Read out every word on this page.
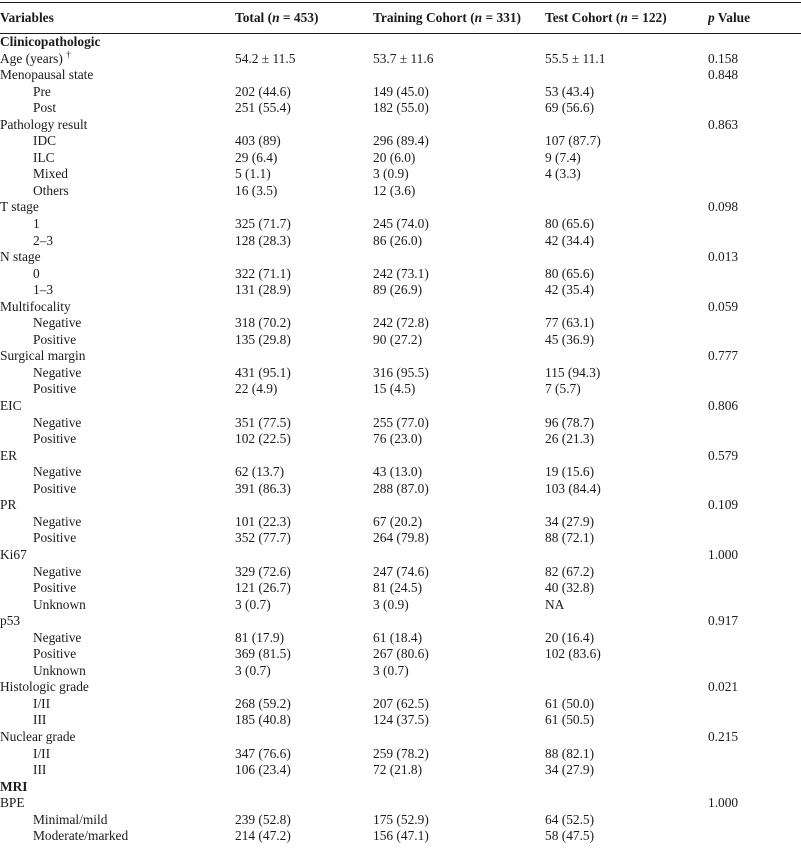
Variables	Total (n = 453)	Training Cohort (n = 331)	Test Cohort (n = 122)	p Value
Clinicopathologic				
Age (years) †	54.2 ± 11.5	53.7 ± 11.6	55.5 ± 11.1	0.158
Menopausal state				0.848
Pre	202 (44.6)	149 (45.0)	53 (43.4)	
Post	251 (55.4)	182 (55.0)	69 (56.6)	
Pathology result				0.863
IDC	403 (89)	296 (89.4)	107 (87.7)	
ILC	29 (6.4)	20 (6.0)	9 (7.4)	
Mixed	5 (1.1)	3 (0.9)	4 (3.3)	
Others	16 (3.5)	12 (3.6)		
T stage				0.098
1	325 (71.7)	245 (74.0)	80 (65.6)	
2–3	128 (28.3)	86 (26.0)	42 (34.4)	
N stage				0.013
0	322 (71.1)	242 (73.1)	80 (65.6)	
1–3	131 (28.9)	89 (26.9)	42 (35.4)	
Multifocality				0.059
Negative	318 (70.2)	242 (72.8)	77 (63.1)	
Positive	135 (29.8)	90 (27.2)	45 (36.9)	
Surgical margin				0.777
Negative	431 (95.1)	316 (95.5)	115 (94.3)	
Positive	22 (4.9)	15 (4.5)	7 (5.7)	
EIC				0.806
Negative	351 (77.5)	255 (77.0)	96 (78.7)	
Positive	102 (22.5)	76 (23.0)	26 (21.3)	
ER				0.579
Negative	62 (13.7)	43 (13.0)	19 (15.6)	
Positive	391 (86.3)	288 (87.0)	103 (84.4)	
PR				0.109
Negative	101 (22.3)	67 (20.2)	34 (27.9)	
Positive	352 (77.7)	264 (79.8)	88 (72.1)	
Ki67				1.000
Negative	329 (72.6)	247 (74.6)	82 (67.2)	
Positive	121 (26.7)	81 (24.5)	40 (32.8)	
Unknown	3 (0.7)	3 (0.9)	NA	
p53				0.917
Negative	81 (17.9)	61 (18.4)	20 (16.4)	
Positive	369 (81.5)	267 (80.6)	102 (83.6)	
Unknown	3 (0.7)	3 (0.7)		
Histologic grade				0.021
I/II	268 (59.2)	207 (62.5)	61 (50.0)	
III	185 (40.8)	124 (37.5)	61 (50.5)	
Nuclear grade				0.215
I/II	347 (76.6)	259 (78.2)	88 (82.1)	
III	106 (23.4)	72 (21.8)	34 (27.9)	
MRI				
BPE				1.000
Minimal/mild	239 (52.8)	175 (52.9)	64 (52.5)	
Moderate/marked	214 (47.2)	156 (47.1)	58 (47.5)	
